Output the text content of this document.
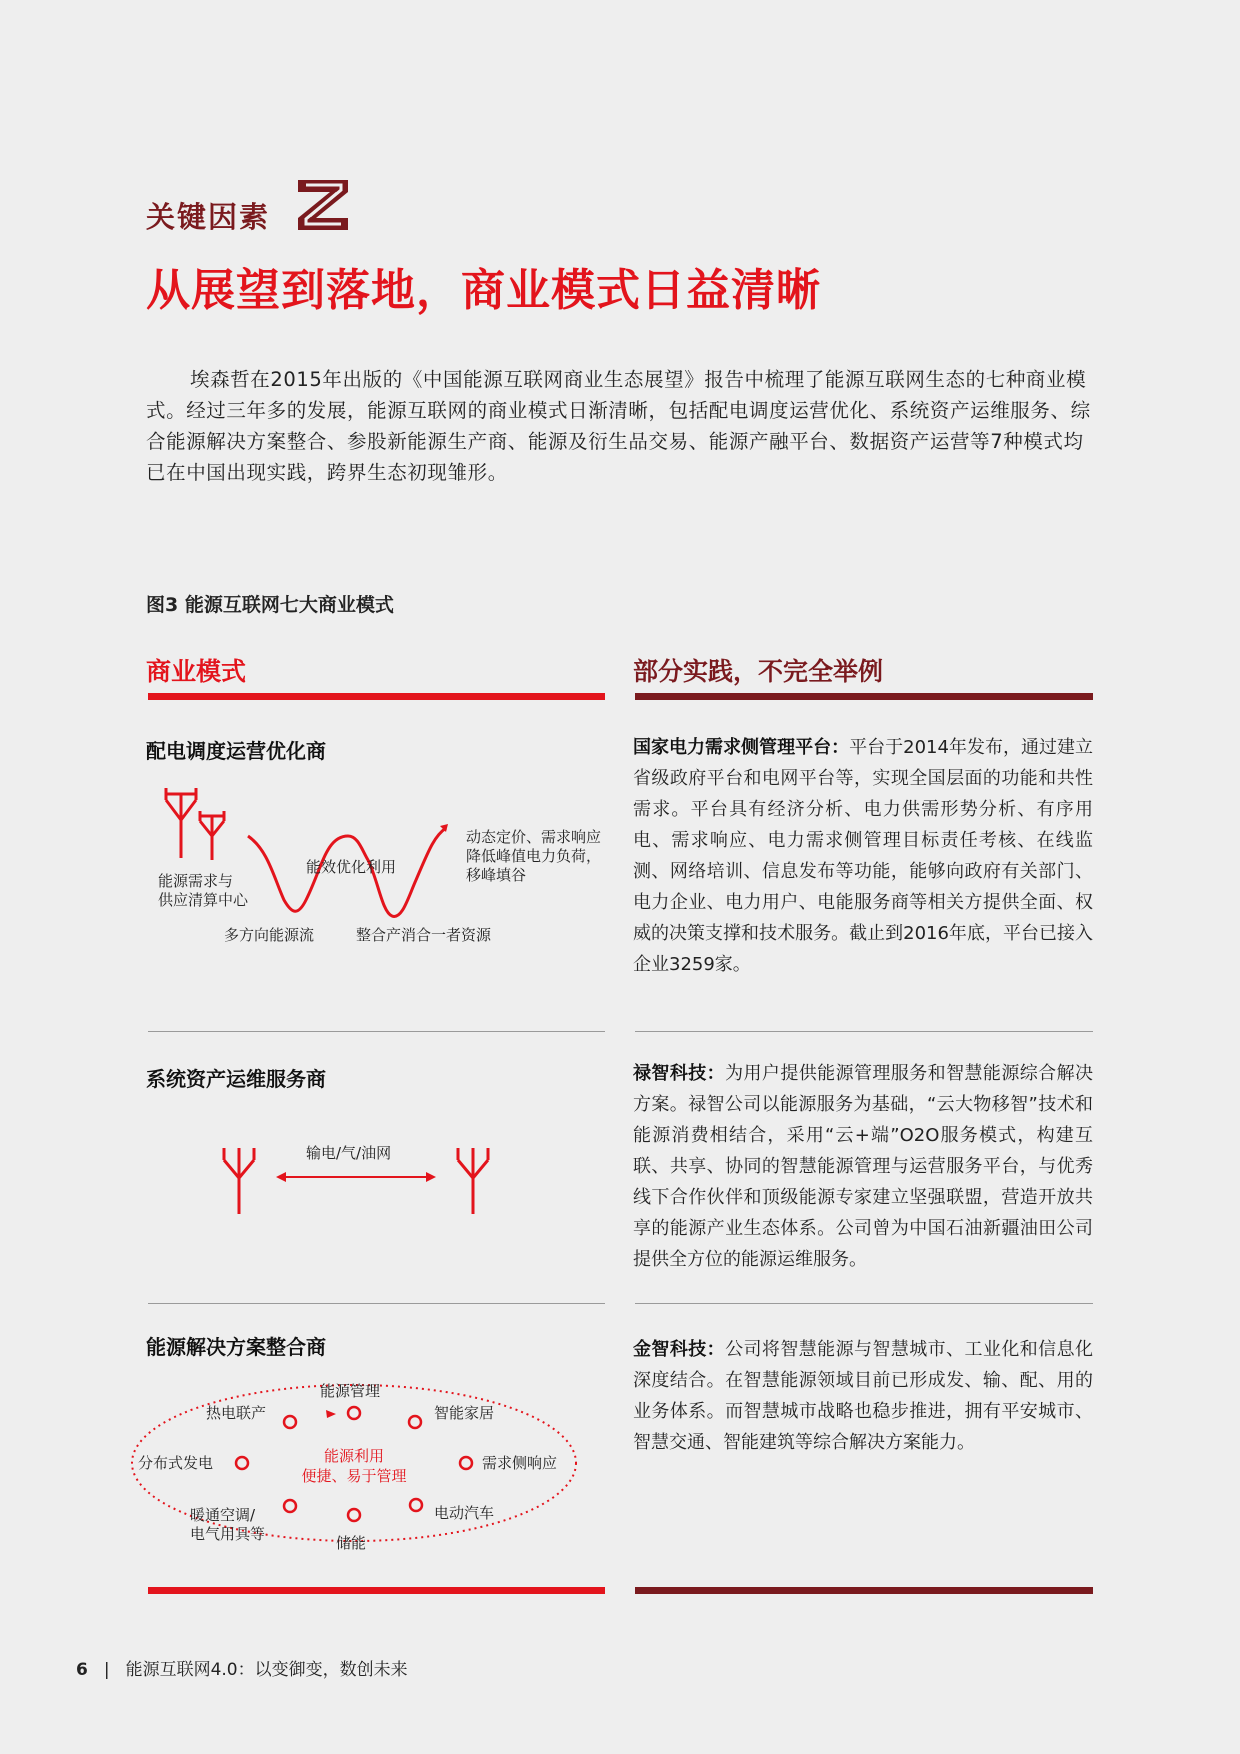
关键因素
从展望到落地，商业模式日益清晰
埃森哲在2015年出版的《中国能源互联网商业生态展望》报告中梳理了能源互联网生态的七种商业模式。经过三年多的发展，能源互联网的商业模式日渐清晰，包括配电调度运营优化、系统资产运维服务、综合能源解决方案整合、参股新能源生产商、能源及衍生品交易、能源产融平台、数据资产运营等7种模式均已在中国出现实践，跨界生态初现雏形。
图3 能源互联网七大商业模式
商业模式	部分实践，不完全举例
配电调度运营优化商
能源需求与
供应清算中心
多方向能源流
能效优化利用
整合产消合一者资源
动态定价、需求响应
降低峰值电力负荷，
移峰填谷
国家电力需求侧管理平台：平台于2014年发布，通过建立省级政府平台和电网平台等，实现全国层面的功能和共性需求。平台具有经济分析、电力供需形势分析、有序用电、需求响应、电力需求侧管理目标责任考核、在线监测、网络培训、信息发布等功能，能够向政府有关部门、电力企业、电力用户、电能服务商等相关方提供全面、权威的决策支撑和技术服务。截止到2016年底，平台已接入企业3259家。
系统资产运维服务商
输电/气/油网
禄智科技：为用户提供能源管理服务和智慧能源综合解决方案。禄智公司以能源服务为基础，“云大物移智”技术和能源消费相结合，采用“云+端”O2O服务模式，构建互联、共享、协同的智慧能源管理与运营服务平台，与优秀线下合作伙伴和顶级能源专家建立坚强联盟，营造开放共享的能源产业生态体系。公司曾为中国石油新疆油田公司提供全方位的能源运维服务。
能源解决方案整合商
能源利用
便捷、易于管理
能源管理
智能家居
需求侧响应
电动汽车
储能
暖通空调/
电气用具等
分布式发电
热电联产
金智科技：公司将智慧能源与智慧城市、工业化和信息化深度结合。在智慧能源领域目前已形成发、输、配、用的业务体系。而智慧城市战略也稳步推进，拥有平安城市、智慧交通、智能建筑等综合解决方案能力。
6 | 能源互联网4.0：以变御变，数创未来
